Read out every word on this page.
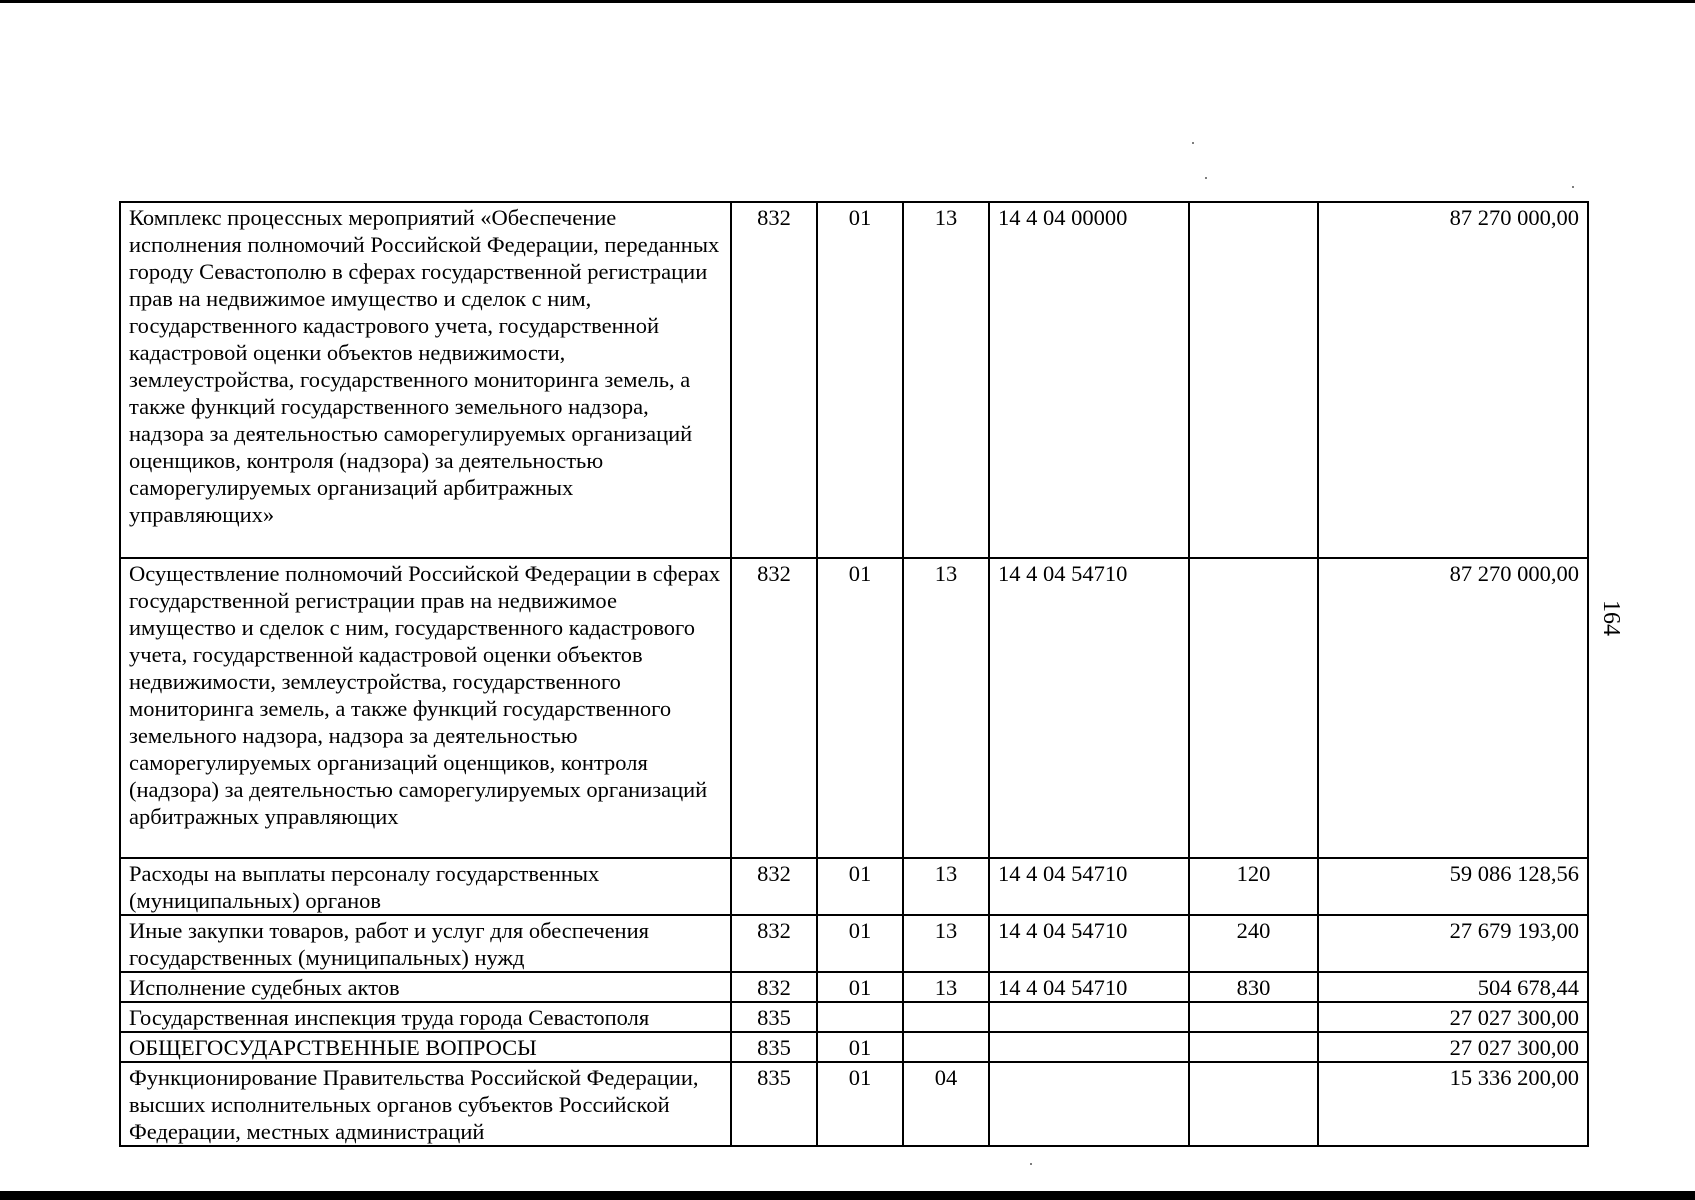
164
Комплекс процессных мероприятий «Обеспечение исполнения полномочий Российской Федерации, переданных городу Севастополю в сферах государственной регистрации прав на недвижимое имущество и сделок с ним, государственного кадастрового учета, государственной кадастровой оценки объектов недвижимости, землеустройства, государственного мониторинга земель, а также функций государственного земельного надзора, надзора за деятельностью саморегулируемых организаций оценщиков, контроля (надзора) за деятельностью саморегулируемых организаций арбитражных управляющих»	832	01	13	14 4 04 00000		87 270 000,00
Осуществление полномочий Российской Федерации в сферах государственной регистрации прав на недвижимое имущество и сделок с ним, государственного кадастрового учета, государственной кадастровой оценки объектов недвижимости, землеустройства, государственного мониторинга земель, а также функций государственного земельного надзора, надзора за деятельностью саморегулируемых организаций оценщиков, контроля (надзора) за деятельностью саморегулируемых организаций арбитражных управляющих	832	01	13	14 4 04 54710		87 270 000,00
Расходы на выплаты персоналу государственных (муниципальных) органов	832	01	13	14 4 04 54710	120	59 086 128,56
Иные закупки товаров, работ и услуг для обеспечения государственных (муниципальных) нужд	832	01	13	14 4 04 54710	240	27 679 193,00
Исполнение судебных актов	832	01	13	14 4 04 54710	830	504 678,44
Государственная инспекция труда города Севастополя	835					27 027 300,00
ОБЩЕГОСУДАРСТВЕННЫЕ ВОПРОСЫ	835	01				27 027 300,00
Функционирование Правительства Российской Федерации, высших исполнительных органов субъектов Российской Федерации, местных администраций	835	01	04			15 336 200,00
